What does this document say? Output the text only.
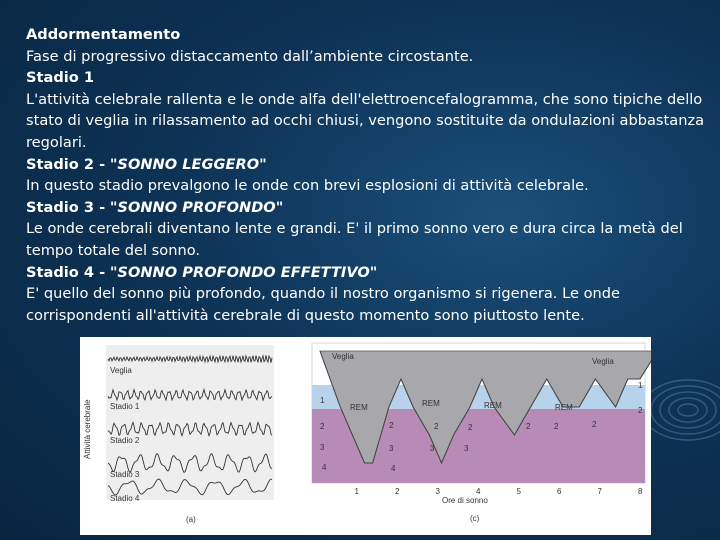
Addormentamento

Fase di progressivo distaccamento dall’ambiente circostante.

Stadio 1

L'attività celebrale rallenta e le onde alfa dell'elettroencefalogramma, che sono tipiche dello stato di veglia in rilassamento ad occhi chiusi, vengono sostituite da ondulazioni abbastanza regolari.

Stadio 2 - "SONNO LEGGERO"

In questo stadio prevalgono le onde con brevi esplosioni di attività celebrale.

Stadio 3 - "SONNO PROFONDO"

Le onde cerebrali diventano lente e grandi. E' il primo sonno vero e dura circa la metà del tempo totale del sonno.

Stadio 4 - "SONNO PROFONDO EFFETTIVO"

E' quello del sonno più profondo, quando il nostro organismo si rigenera. Le onde corrispondenti all'attività cerebrale di questo momento sono piuttosto lente.

Attività cerebrale
Veglia
Stadio 1
Stadio 2
Stadio 3
Stadio 4
(a)
Veglia
Veglia
REM	REM	REM	REM
1
2
3
4
2
3
4
2
3
2
3
2	2	2
1
2
1	2	3	4	5	6	7	8
Ore di sonno
(c)
